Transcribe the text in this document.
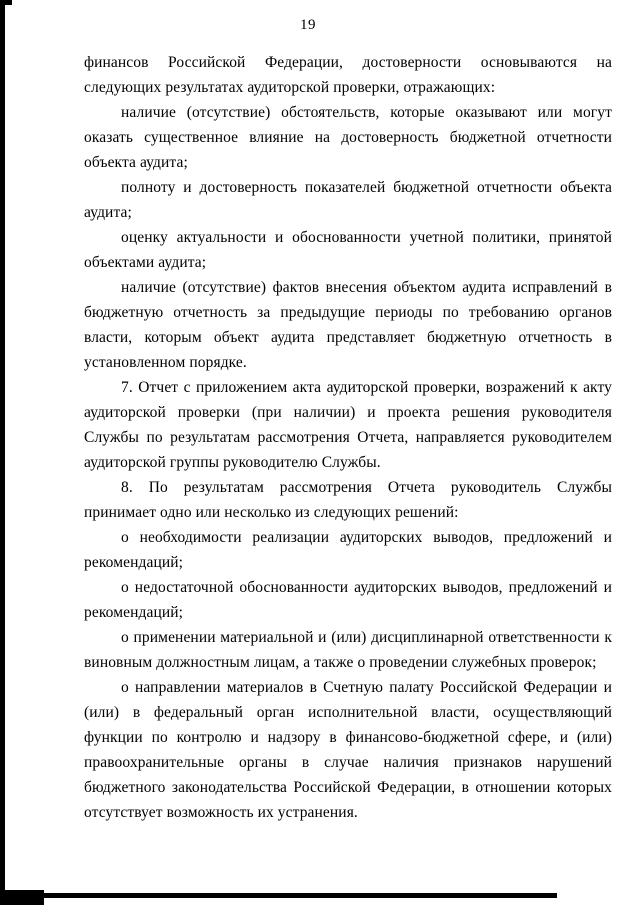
19

финансов Российской Федерации, достоверности основываются на следующих результатах аудиторской проверки, отражающих:

наличие (отсутствие) обстоятельств, которые оказывают или могут оказать существенное влияние на достоверность бюджетной отчетности объекта аудита;

полноту и достоверность показателей бюджетной отчетности объекта аудита;

оценку актуальности и обоснованности учетной политики, принятой объектами аудита;

наличие (отсутствие) фактов внесения объектом аудита исправлений в бюджетную отчетность за предыдущие периоды по требованию органов власти, которым объект аудита представляет бюджетную отчетность в установленном порядке.

7. Отчет с приложением акта аудиторской проверки, возражений к акту аудиторской проверки (при наличии) и проекта решения руководителя Службы по результатам рассмотрения Отчета, направляется руководителем аудиторской группы руководителю Службы.

8. По результатам рассмотрения Отчета руководитель Службы принимает одно или несколько из следующих решений:

о необходимости реализации аудиторских выводов, предложений и рекомендаций;

о недостаточной обоснованности аудиторских выводов, предложений и рекомендаций;

о применении материальной и (или) дисциплинарной ответственности к виновным должностным лицам, а также о проведении служебных проверок;

о направлении материалов в Счетную палату Российской Федерации и (или) в федеральный орган исполнительной власти, осуществляющий функции по контролю и надзору в финансово-бюджетной сфере, и (или) правоохранительные органы в случае наличия признаков нарушений бюджетного законодательства Российской Федерации, в отношении которых отсутствует возможность их устранения.
